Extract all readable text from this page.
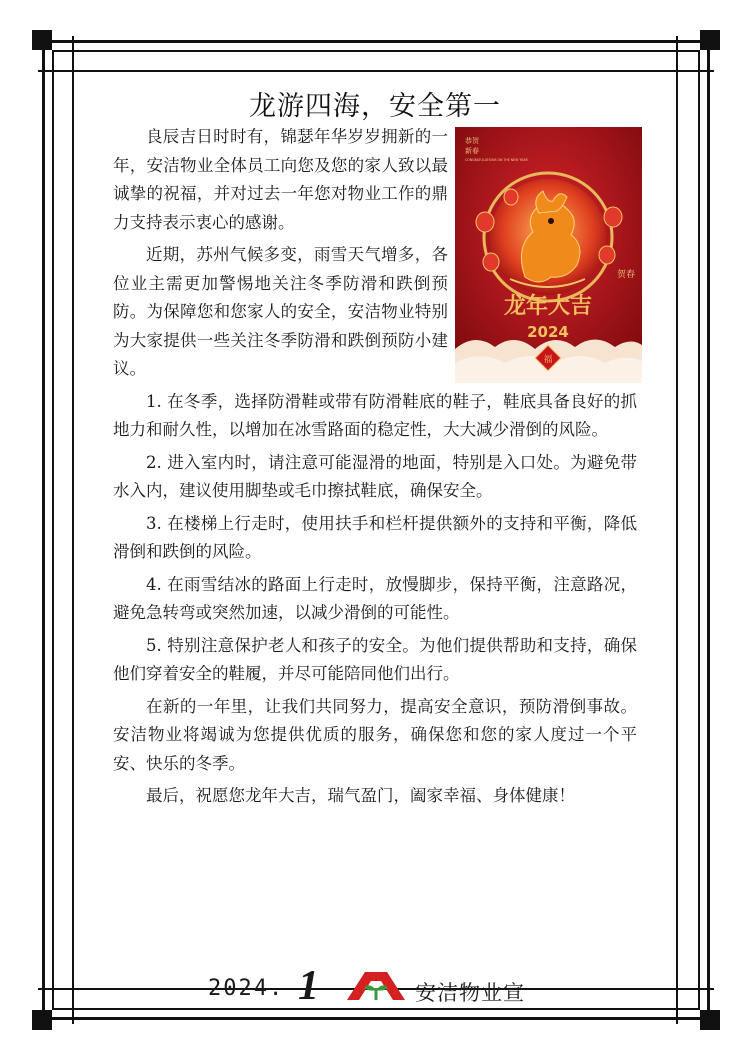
龙游四海，安全第一
恭贺
新春
CONGRATULATIONS ON THE NEW YEAR
贺春
龙年大吉
2024
福

良辰吉日时时有，锦瑟年华岁岁拥新的一年，安洁物业全体员工向您及您的家人致以最诚挚的祝福，并对过去一年您对物业工作的鼎力支持表示衷心的感谢。

近期，苏州气候多变，雨雪天气增多，各位业主需更加警惕地关注冬季防滑和跌倒预防。为保障您和您家人的安全，安洁物业特别为大家提供一些关注冬季防滑和跌倒预防小建议。

1. 在冬季，选择防滑鞋或带有防滑鞋底的鞋子，鞋底具备良好的抓地力和耐久性，以增加在冰雪路面的稳定性，大大减少滑倒的风险。

2. 进入室内时，请注意可能湿滑的地面，特别是入口处。为避免带水入内，建议使用脚垫或毛巾擦拭鞋底，确保安全。

3. 在楼梯上行走时，使用扶手和栏杆提供额外的支持和平衡，降低滑倒和跌倒的风险。

4. 在雨雪结冰的路面上行走时，放慢脚步，保持平衡，注意路况，避免急转弯或突然加速，以减少滑倒的可能性。

5. 特别注意保护老人和孩子的安全。为他们提供帮助和支持，确保他们穿着安全的鞋履，并尽可能陪同他们出行。

在新的一年里，让我们共同努力，提高安全意识，预防滑倒事故。安洁物业将竭诚为您提供优质的服务，确保您和您的家人度过一个平安、快乐的冬季。

最后，祝愿您龙年大吉，瑞气盈门，阖家幸福、身体健康！

2024. 1	安洁物业宣
